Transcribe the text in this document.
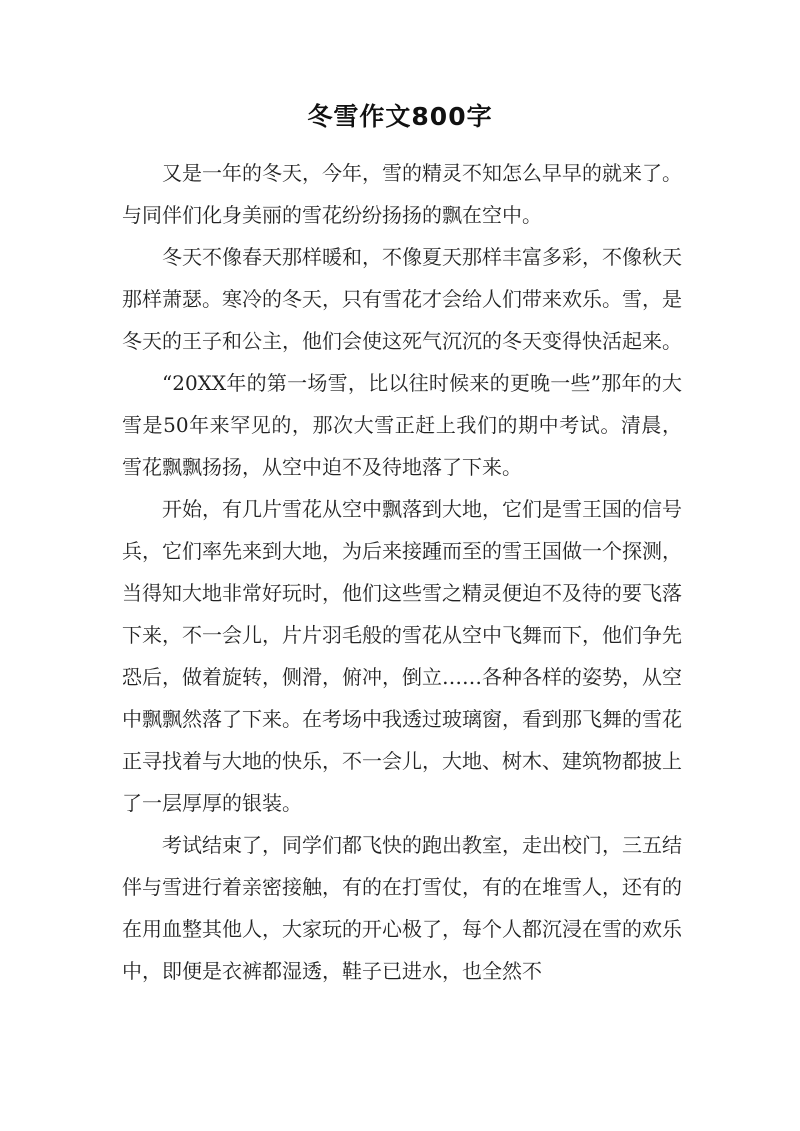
冬雪作文800字

又是一年的冬天，今年，雪的精灵不知怎么早早的就来了。与同伴们化身美丽的雪花纷纷扬扬的飘在空中。

冬天不像春天那样暖和，不像夏天那样丰富多彩，不像秋天那样萧瑟。寒冷的冬天，只有雪花才会给人们带来欢乐。雪，是冬天的王子和公主，他们会使这死气沉沉的冬天变得快活起来。

“20XX年的第一场雪，比以往时候来的更晚一些”那年的大雪是50年来罕见的，那次大雪正赶上我们的期中考试。清晨，雪花飘飘扬扬，从空中迫不及待地落了下来。

开始，有几片雪花从空中飘落到大地，它们是雪王国的信号兵，它们率先来到大地，为后来接踵而至的雪王国做一个探测，当得知大地非常好玩时，他们这些雪之精灵便迫不及待的要飞落下来，不一会儿，片片羽毛般的雪花从空中飞舞而下，他们争先恐后，做着旋转，侧滑，俯冲，倒立……各种各样的姿势，从空中飘飘然落了下来。在考场中我透过玻璃窗，看到那飞舞的雪花正寻找着与大地的快乐，不一会儿，大地、树木、建筑物都披上了一层厚厚的银装。

考试结束了，同学们都飞快的跑出教室，走出校门，三五结伴与雪进行着亲密接触，有的在打雪仗，有的在堆雪人，还有的在用血整其他人，大家玩的开心极了，每个人都沉浸在雪的欢乐中，即便是衣裤都湿透，鞋子已进水，也全然不
